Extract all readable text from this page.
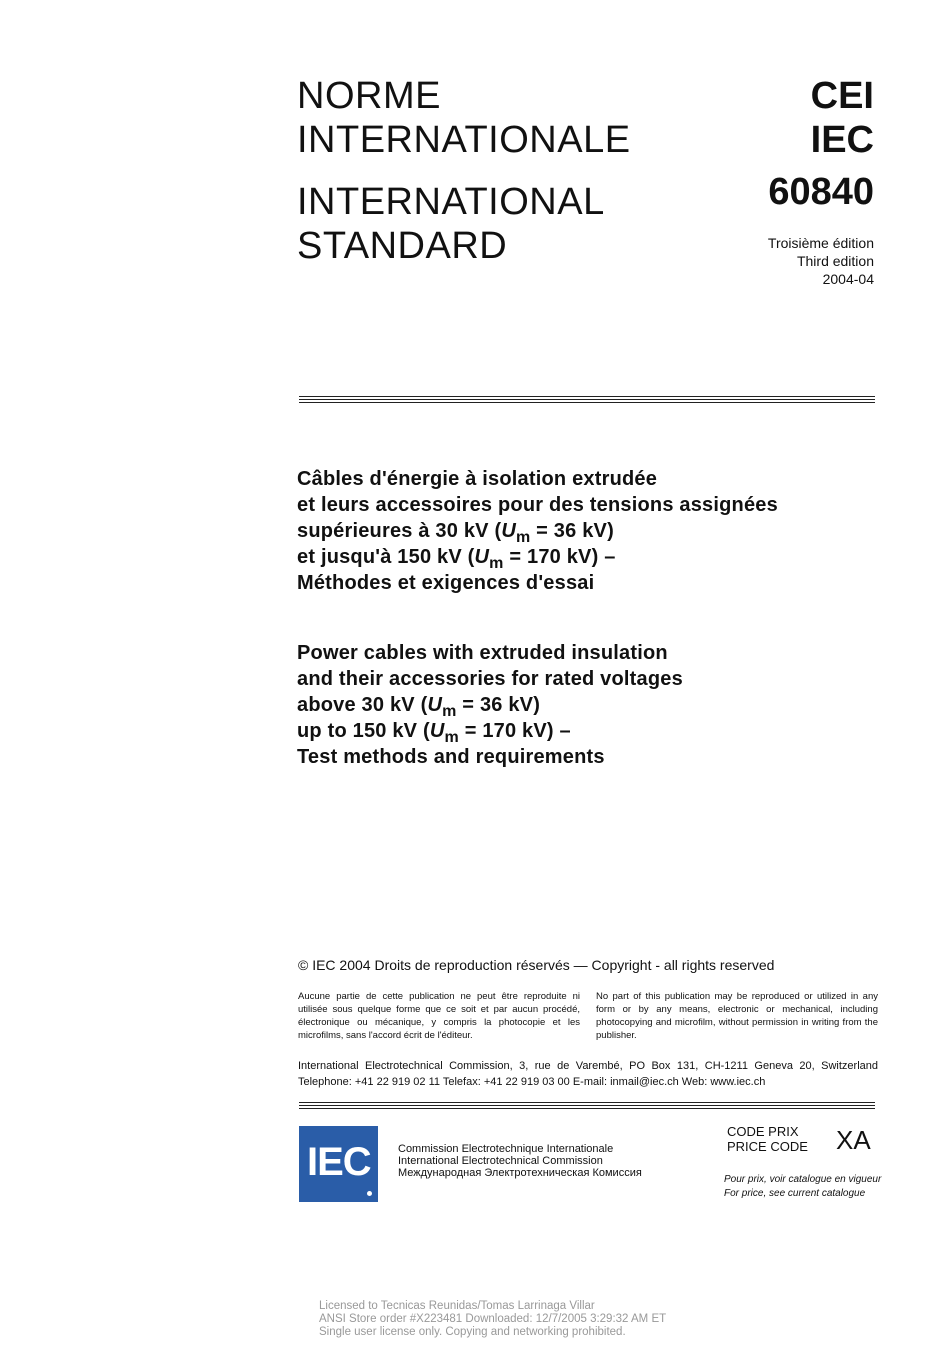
NORME
INTERNATIONALE
INTERNATIONAL
STANDARD
CEI
IEC
60840
Troisième édition
Third edition
2004-04
Câbles d'énergie à isolation extrudée
et leurs accessoires pour des tensions assignées
supérieures à 30 kV ($U_m = 36$ kV)
et jusqu'à 150 kV ($U_m = 170$ kV) –
Méthodes et exigences d'essai
Power cables with extruded insulation
and their accessories for rated voltages
above 30 kV ($U_m = 36$ kV)
up to 150 kV ($U_m = 170$ kV) –
Test methods and requirements
© IEC 2004 Droits de reproduction réservés — Copyright - all rights reserved
Aucune partie de cette publication ne peut être reproduite ni utilisée sous quelque forme que ce soit et par aucun procédé, électronique ou mécanique, y compris la photocopie et les microfilms, sans l'accord écrit de l'éditeur.
No part of this publication may be reproduced or utilized in any form or by any means, electronic or mechanical, including photocopying and microfilm, without permission in writing from the publisher.
International Electrotechnical Commission, 3, rue de Varembé, PO Box 131, CH-1211 Geneva 20, Switzerland
Telephone: +41 22 919 02 11 Telefax: +41 22 919 03 00 E-mail: inmail@iec.ch Web: www.iec.ch
IEC Commission Electrotechnique Internationale
International Electrotechnical Commission
Международная Электротехническая Комиссия
CODE PRIX
PRICE CODE XA
Pour prix, voir catalogue en vigueur
For price, see current catalogue
Licensed to Tecnicas Reunidas/Tomas Larrinaga Villar
ANSI Store order #X223481 Downloaded: 12/7/2005 3:29:32 AM ET
Single user license only. Copying and networking prohibited.
